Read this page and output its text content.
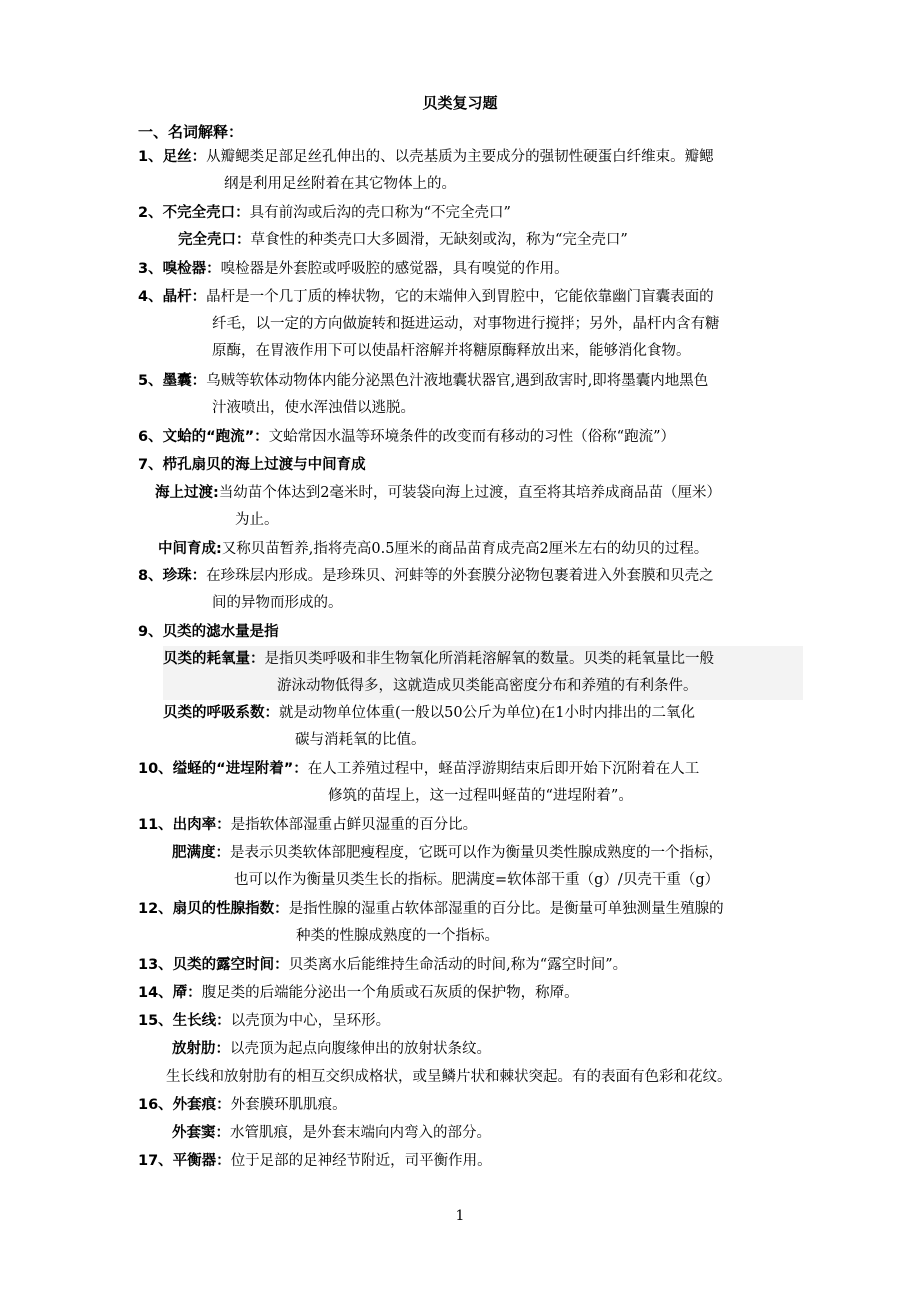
贝类复习题
一、名词解释：
1、足丝：从瓣鳃类足部足丝孔伸出的、以壳基质为主要成分的强韧性硬蛋白纤维束。瓣鳃
纲是利用足丝附着在其它物体上的。
2、不完全壳口：具有前沟或后沟的壳口称为“不完全壳口”
完全壳口：草食性的种类壳口大多圆滑，无缺刻或沟，称为“完全壳口”
3、嗅检器：嗅检器是外套腔或呼吸腔的感觉器，具有嗅觉的作用。
4、晶杆：晶杆是一个几丁质的棒状物，它的末端伸入到胃腔中，它能依靠幽门盲囊表面的
纤毛，以一定的方向做旋转和挺进运动，对事物进行搅拌；另外，晶杆内含有糖
原酶，在胃液作用下可以使晶杆溶解并将糖原酶释放出来，能够消化食物。
5、墨囊：乌贼等软体动物体内能分泌黑色汁液地囊状器官,遇到敌害时,即将墨囊内地黑色
汁液喷出，使水浑浊借以逃脱。
6、文蛤的“跑流”：文蛤常因水温等环境条件的改变而有移动的习性（俗称“跑流”）
7、栉孔扇贝的海上过渡与中间育成
海上过渡:当幼苗个体达到2毫米时，可装袋向海上过渡，直至将其培养成商品苗（厘米）
为止。
中间育成:又称贝苗暂养,指将壳高0.5厘米的商品苗育成壳高2厘米左右的幼贝的过程。
8、珍珠：在珍珠层内形成。是珍珠贝、河蚌等的外套膜分泌物包裹着进入外套膜和贝壳之
间的异物而形成的。
9、贝类的滤水量是指
贝类的耗氧量：是指贝类呼吸和非生物氧化所消耗溶解氧的数量。贝类的耗氧量比一般
游泳动物低得多，这就造成贝类能高密度分布和养殖的有利条件。
贝类的呼吸系数：就是动物单位体重(一般以50公斤为单位)在1小时内排出的二氧化
碳与消耗氧的比值。
10、缢蛏的“进埕附着”：在人工养殖过程中，蛏苗浮游期结束后即开始下沉附着在人工
修筑的苗埕上，这一过程叫蛏苗的“进埕附着”。
11、出肉率：是指软体部湿重占鲜贝湿重的百分比。
肥满度：是表示贝类软体部肥瘦程度，它既可以作为衡量贝类性腺成熟度的一个指标，
也可以作为衡量贝类生长的指标。肥满度=软体部干重（g）/贝壳干重（g）
12、扇贝的性腺指数：是指性腺的湿重占软体部湿重的百分比。是衡量可单独测量生殖腺的
种类的性腺成熟度的一个指标。
13、贝类的露空时间：贝类离水后能维持生命活动的时间,称为“露空时间”。
14、厣：腹足类的后端能分泌出一个角质或石灰质的保护物，称厣。
15、生长线：以壳顶为中心，呈环形。
放射肋：以壳顶为起点向腹缘伸出的放射状条纹。
生长线和放射肋有的相互交织成格状，或呈鳞片状和棘状突起。有的表面有色彩和花纹。
16、外套痕：外套膜环肌肌痕。
外套窦：水管肌痕，是外套末端向内弯入的部分。
17、平衡器：位于足部的足神经节附近，司平衡作用。
1
